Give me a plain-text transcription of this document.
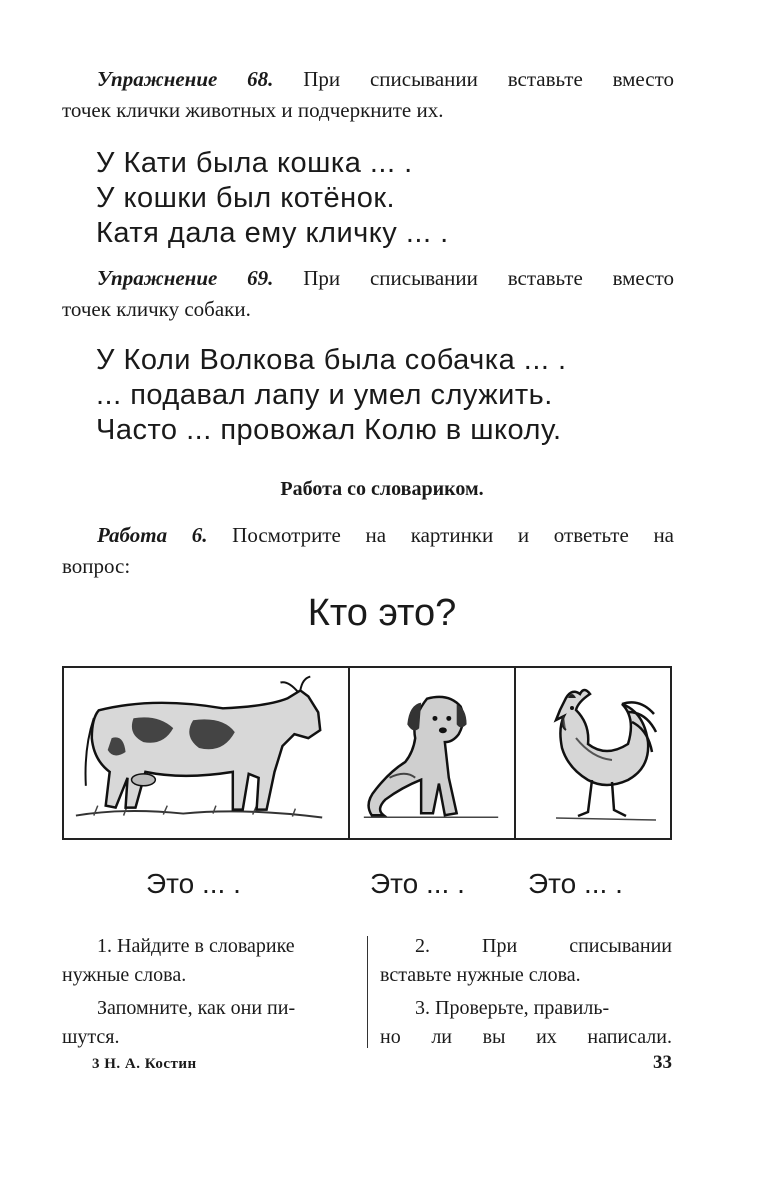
Упражнение 68. При списывании вставьте вместо
точек клички животных и подчеркните их.
У Кати была кошка ... .
У кошки был котёнок.
Катя дала ему кличку ... .
Упражнение 69. При списывании вставьте вместо
точек кличку собаки.
У Коли Волкова была собачка ... .
... подавал лапу и умел служить.
Часто ... провожал Колю в школу.
Работа со словариком.
Работа 6. Посмотрите на картинки и ответьте на
вопрос:
Кто это?
Это ... .	Это ... . Это ... .

1. Найдите в словарике
нужные слова.

Запомните, как они пи-
шутся.

2. При списывании
вставьте нужные слова.

3. Проверьте, правиль-
но ли вы их написали.

3 Н. А. Костин	33
